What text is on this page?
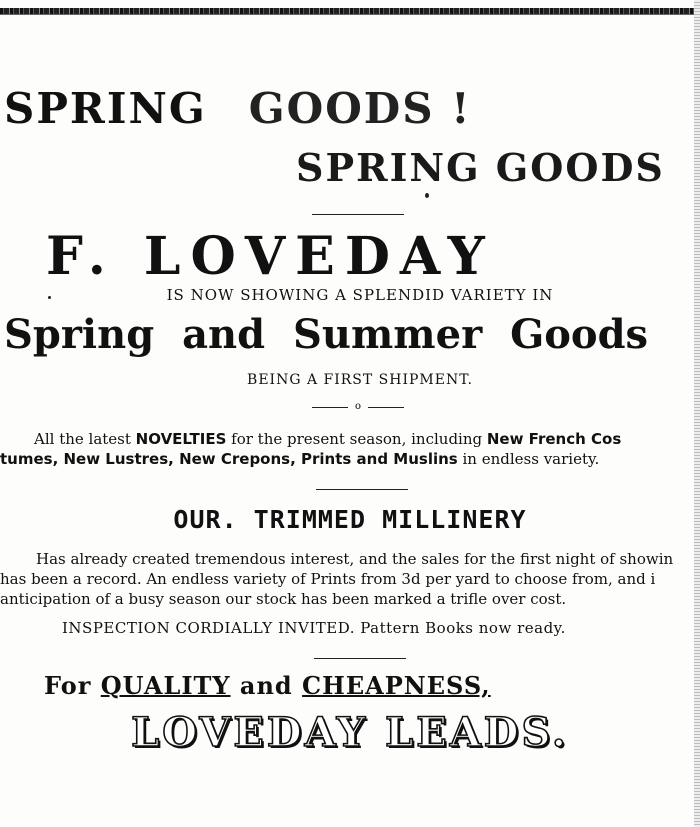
SPRING GOODS !
SPRING GOODS
F. LOVEDAY
IS NOW SHOWING A SPLENDID VARIETY IN
Spring and Summer Goods
BEING A FIRST SHIPMENT.
o
All the latest NOVELTIES for the present season, including New French Cos
tumes, New Lustres, New Crepons, Prints and Muslins in endless variety.
OUR. TRIMMED MILLINERY
Has already created tremendous interest, and the sales for the first night of showin
has been a record. An endless variety of Prints from 3d per yard to choose from, and i
anticipation of a busy season our stock has been marked a trifle over cost.
INSPECTION CORDIALLY INVITED. Pattern Books now ready.
For QUALITY and CHEAPNESS,
LOVEDAY LEADS.
